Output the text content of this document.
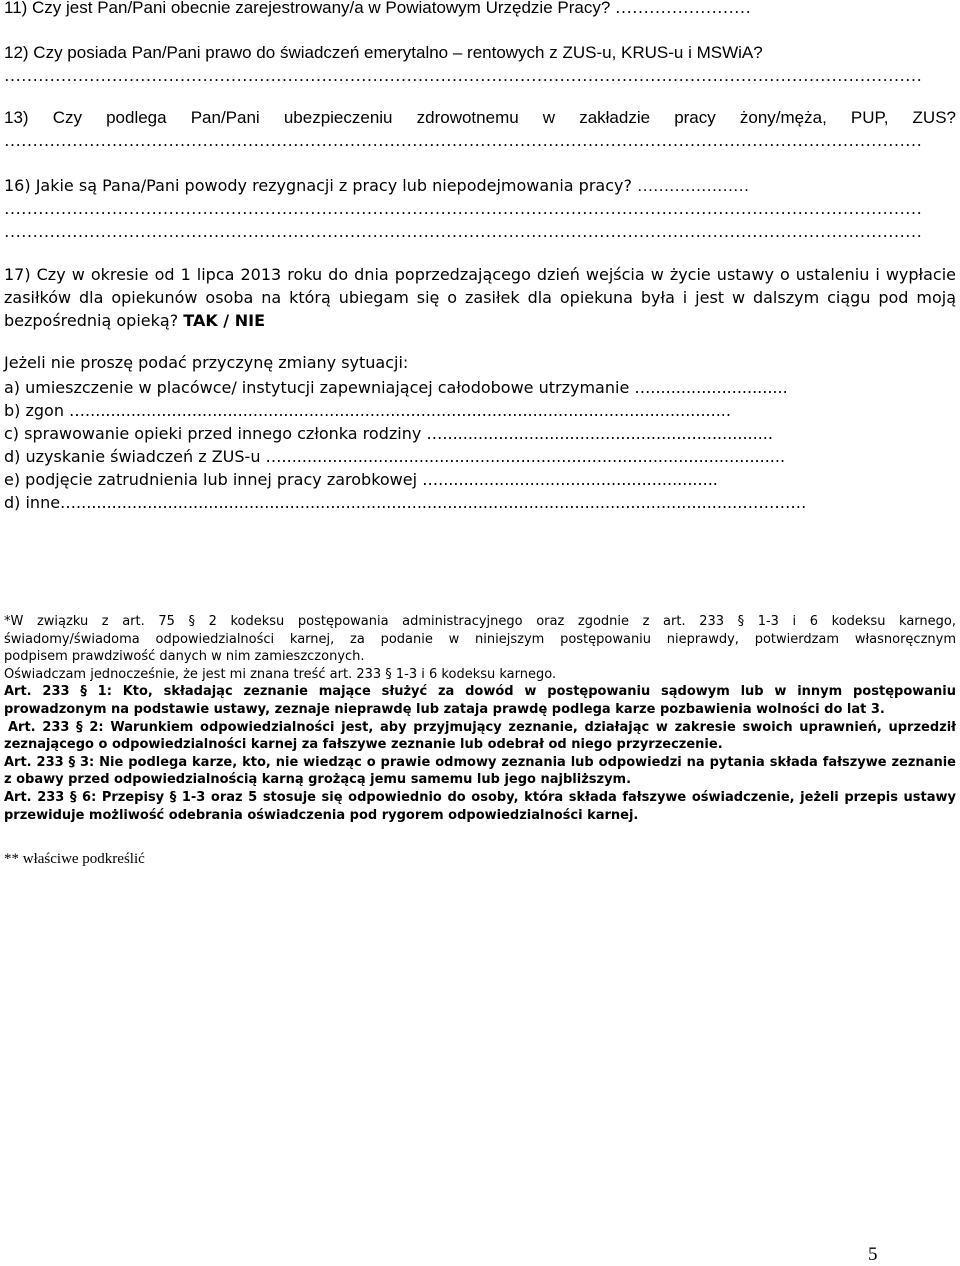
11) Czy jest Pan/Pani obecnie zarejestrowany/a w Powiatowym Urzędzie Pracy? ……………………
12) Czy posiada Pan/Pani prawo do świadczeń emerytalno – rentowych z ZUS-u, KRUS-u i MSWiA?
………………………………………………………………………………………………………………………………………………
13) Czy podlega Pan/Pani ubezpieczeniu zdrowotnemu w zakładzie pracy żony/męża, PUP, ZUS?
………………………………………………………………………………………………………………………………………………
16) Jakie są Pana/Pani powody rezygnacji z pracy lub niepodejmowania pracy? …………………
………………………………………………………………………………………………………………………………………………
………………………………………………………………………………………………………………………………………………
17) Czy w okresie od 1 lipca 2013 roku do dnia poprzedzającego dzień wejścia w życie ustawy o ustaleniu i wypłacie zasiłków dla opiekunów osoba na którą ubiegam się o zasiłek dla opiekuna była i jest w dalszym ciągu pod moją bezpośrednią opieką? TAK / NIE
Jeżeli nie proszę podać przyczynę zmiany sytuacji:
a) umieszczenie w placówce/ instytucji zapewniającej całodobowe utrzymanie …...........................
b) zgon …...............................................................................................................................
c) sprawowanie opieki przed innego członka rodziny ….................................................................
d) uzyskanie świadczeń z ZUS-u …...................................................................................................
e) podjęcie zatrudnienia lub innej pracy zarobkowej ….......................................................
d) inne…...................................................................................................................................…………
*W związku z art. 75 § 2 kodeksu postępowania administracyjnego oraz zgodnie z art. 233 § 1-3 i 6 kodeksu karnego,
świadomy/świadoma odpowiedzialności karnej, za podanie w niniejszym postępowaniu nieprawdy, potwierdzam własnoręcznym
podpisem prawdziwość danych w nim zamieszczonych.
Oświadczam jednocześnie, że jest mi znana treść art. 233 § 1-3 i 6 kodeksu karnego.
Art. 233 § 1: Kto, składając zeznanie mające służyć za dowód w postępowaniu sądowym lub w innym postępowaniu
prowadzonym na podstawie ustawy, zeznaje nieprawdę lub zataja prawdę podlega karze pozbawienia wolności do lat 3.
Art. 233 § 2: Warunkiem odpowiedzialności jest, aby przyjmujący zeznanie, działając w zakresie swoich uprawnień, uprzedził
zeznającego o odpowiedzialności karnej za fałszywe zeznanie lub odebrał od niego przyrzeczenie.
Art. 233 § 3: Nie podlega karze, kto, nie wiedząc o prawie odmowy zeznania lub odpowiedzi na pytania składa fałszywe zeznanie
z obawy przed odpowiedzialnością karną grożącą jemu samemu lub jego najbliższym.
Art. 233 § 6: Przepisy § 1-3 oraz 5 stosuje się odpowiednio do osoby, która składa fałszywe oświadczenie, jeżeli przepis ustawy
przewiduje możliwość odebrania oświadczenia pod rygorem odpowiedzialności karnej.
** właściwe podkreślić
5
